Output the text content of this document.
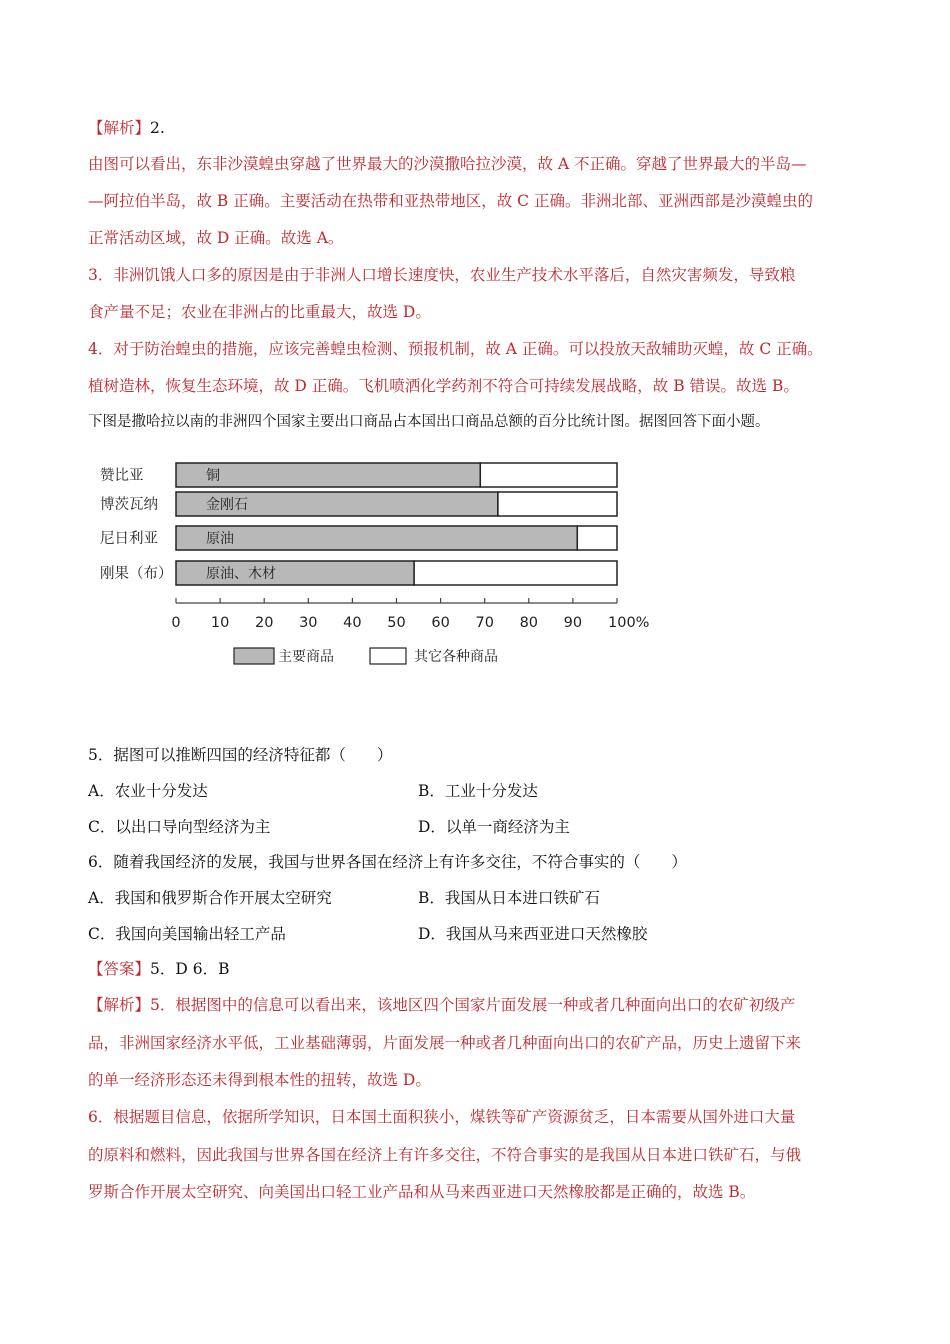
【解析】2.
由图可以看出，东非沙漠蝗虫穿越了世界最大的沙漠撒哈拉沙漠，故 A 不正确。穿越了世界最大的半岛—
—阿拉伯半岛，故 B 正确。主要活动在热带和亚热带地区，故 C 正确。非洲北部、亚洲西部是沙漠蝗虫的
正常活动区域，故 D 正确。故选 A。
3．非洲饥饿人口多的原因是由于非洲人口增长速度快，农业生产技术水平落后，自然灾害频发，导致粮
食产量不足；农业在非洲占的比重最大，故选 D。
4．对于防治蝗虫的措施，应该完善蝗虫检测、预报机制，故 A 正确。可以投放天敌辅助灭蝗，故 C 正确。
植树造林，恢复生态环境，故 D 正确。飞机喷洒化学药剂不符合可持续发展战略，故 B 错误。故选 B。
下图是撒哈拉以南的非洲四个国家主要出口商品占本国出口商品总额的百分比统计图。据图回答下面小题。
赞比亚	铜
博茨瓦纳	金刚石
尼日利亚	原油
刚果（布） 原油、木材
0 10 20 30 40 50 60 70 80 90 100%
主要商品	其它各种商品
5．据图可以推断四国的经济特征都（　　）
A．农业十分发达	B．工业十分发达
C．以出口导向型经济为主	D．以单一商经济为主
6．随着我国经济的发展，我国与世界各国在经济上有许多交往，不符合事实的（　　）
A．我国和俄罗斯合作开展太空研究	B．我国从日本进口铁矿石
C．我国向美国输出轻工产品	D．我国从马来西亚进口天然橡胶
【答案】5．D 6．B
【解析】5．根据图中的信息可以看出来，该地区四个国家片面发展一种或者几种面向出口的农矿初级产
品，非洲国家经济水平低，工业基础薄弱，片面发展一种或者几种面向出口的农矿产品，历史上遗留下来
的单一经济形态还未得到根本性的扭转，故选 D。
6．根据题目信息，依据所学知识，日本国土面积狭小，煤铁等矿产资源贫乏，日本需要从国外进口大量
的原料和燃料，因此我国与世界各国在经济上有许多交往，不符合事实的是我国从日本进口铁矿石，与俄
罗斯合作开展太空研究、向美国出口轻工业产品和从马来西亚进口天然橡胶都是正确的，故选 B。
